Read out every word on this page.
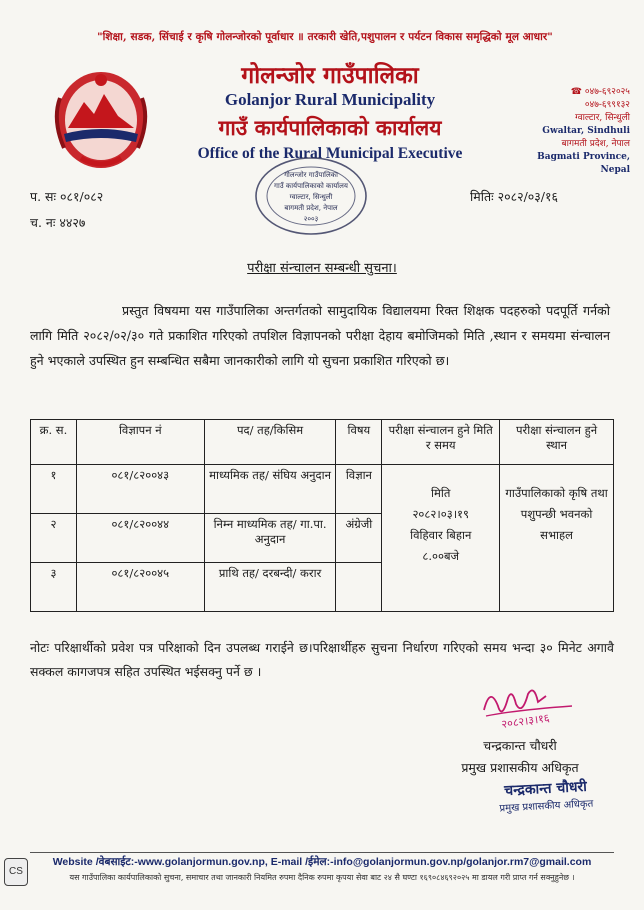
"शिक्षा, सडक, सिंचाई र कृषि गोलन्जोरको पूर्वाधार ॥ तरकारी खेति,पशुपालन र पर्यटन विकास समृद्धिको मूल आधार"
गोलन्जोर गाउँपालिका
Golanjor Rural Municipality
गाउँ कार्यपालिकाको कार्यालय
Office of the Rural Municipal Executive
☎ ०४७-६९२०२५
०४७-६९९१३२
ग्वाल्टार, सिन्धुली
Gwaltar, Sindhuli
बागमती प्रदेश, नेपाल
Bagmati Province, Nepal
गोलन्जोर गाउँपालिका
गाउँ कार्यपालिकाको कार्यालय
ग्वाल्टार, सिन्धुली
बागमती प्रदेश, नेपाल
२००३
प. सः ०८१/०८२
च. नः ४४२७
मितिः २०८२/०३/१६
परीक्षा संन्चालन सम्बन्धी सुचना।
प्रस्तुत विषयमा यस गाउँपालिका अन्तर्गतको सामुदायिक विद्यालयमा रिक्त शिक्षक पदहरुको पदपूर्ति गर्नको लागि मिति २०८२/०२/३० गते प्रकाशित गरिएको तपशिल विज्ञापनको परीक्षा देहाय बमोजिमको मिति ,स्थान र समयमा संन्चालन हुने भएकाले उपस्थित हुन सम्बन्धित सबैमा जानकारीको लागि यो सुचना प्रकाशित गरिएको छ।
क्र. स.	विज्ञापन नं	पद/ तह/किसिम	विषय	परीक्षा संन्चालन हुने मिति र समय	परीक्षा संन्चालन हुने स्थान
१	०८१/८२००४३	माध्यमिक तह/ संघिय अनुदान	विज्ञान	मिति
२०८२।०३।१९
विहिवार बिहान
८.००बजे	गाउँपालिकाको कृषि तथा पशुपन्छी भवनको सभाहल
२	०८१/८२००४४	निम्न माध्यमिक तह/ गा.पा. अनुदान	अंग्रेजी		
३	०८१/८२००४५	प्राथि तह/ दरबन्दी/ करार			
नोटः परिक्षार्थीको प्रवेश पत्र परिक्षाको दिन उपलब्ध गराईने छ।परिक्षार्थीहरु सुचना निर्धारण गरिएको समय भन्दा ३० मिनेट अगावै सक्कल कागजपत्र सहित उपस्थित भईसक्नु पर्ने छ ।
२०८२।३।१६
चन्द्रकान्त चौधरी
प्रमुख प्रशासकीय अधिकृत
चन्द्रकान्त चौधरी
प्रमुख प्रशासकीय अधिकृत
Website /वेबसाईट:-www.golanjormun.gov.np, E-mail /ईमेल:-info@golanjormun.gov.np/golanjor.rm7@gmail.com
यस गाउँपालिका कार्यपालिकाको सुचना, समाचार तथा जानकारी नियमित रुपमा दैनिक रुपमा कृपया सेवा बाट २४ सै घण्टा १६९०८४६९२०२५ मा डायल गरी प्राप्त गर्न सक्नुहुनेछ ।
CS
